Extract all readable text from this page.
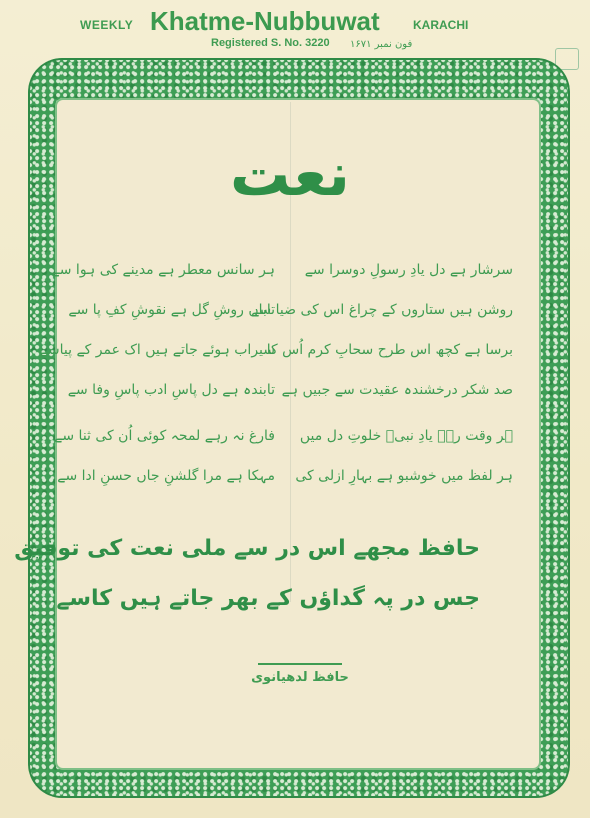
WEEKLY Khatme-Nubbuwat	KARACHI
Registered S. No. 3220 فون نمبر ۱۶۷۱
نعت
سرشار ہے دل یادِ رسولِ دوسرا سے
روشن ہیں ستاروں کے چراغ اس کی ضیا سے
برسا ہے کچھ اس طرح سحابِ کرم اُس کا
صد شکر درخشندہ عقیدت سے جبیں ہے
ہر وقت رہے یادِ نبیؐ خلوتِ دل میں
ہر لفظ میں خوشبو ہے بہارِ ازلی کی
ہر سانس معطر ہے مدینے کی ہوا سے
تاباں روشِ گل ہے نقوشِ کفِ پا سے
سیراب ہوئے جاتے ہیں اک عمر کے پیاسے
تابندہ ہے دل پاسِ ادب پاسِ وفا سے
فارغ نہ رہے لمحہ کوئی اُن کی ثنا سے
مہکا ہے مرا گلشنِ جاں حسنِ ادا سے
حافظ مجھے اس در سے ملی نعت کی توفیق
جس در پہ گداؤں کے بھر جاتے ہیں کاسے
حافظ لدھیانوی
